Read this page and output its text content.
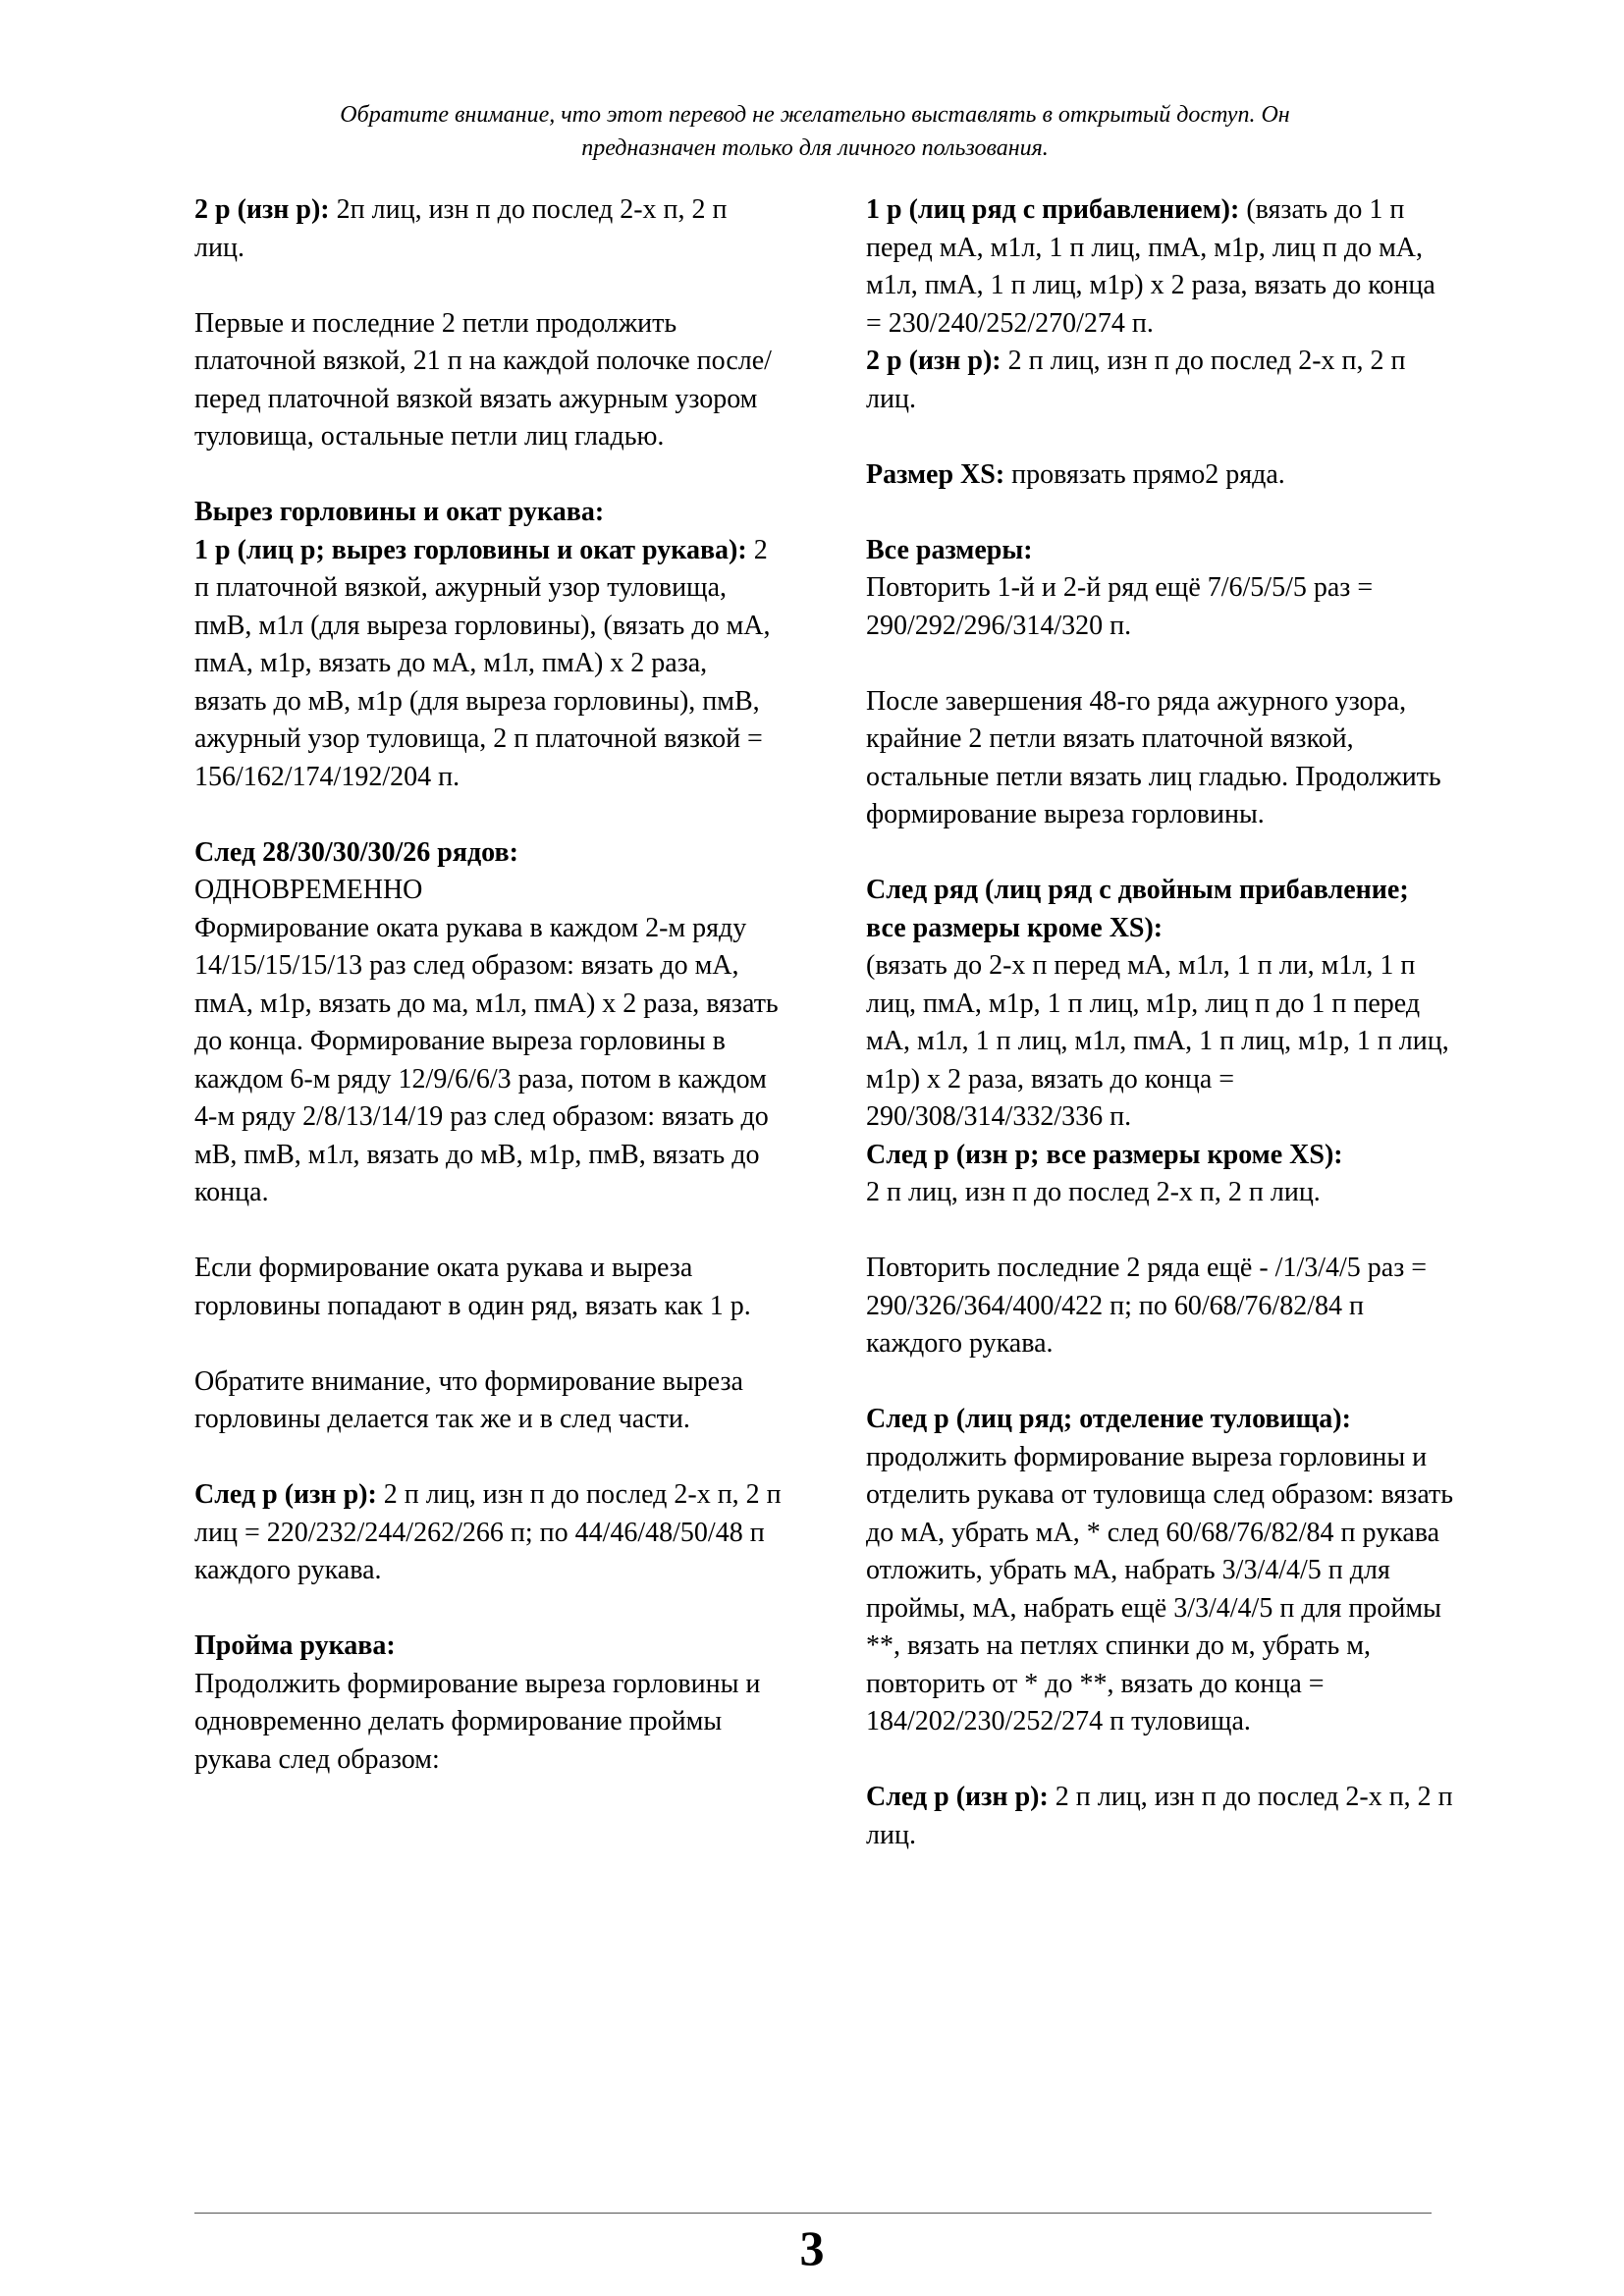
Обратите внимание, что этот перевод не желательно выставлять в открытый доступ. Он
предназначен только для личного пользования.

2 р (изн р): 2п лиц, изн п до послед 2-х п, 2 п лиц.

Первые и последние 2 петли продолжить платочной вязкой, 21 п на каждой полочке после/перед платочной вязкой вязать ажурным узором туловища, остальные петли лиц гладью.

Вырез горловины и окат рукава:

1 р (лиц р; вырез горловины и окат рукава): 2 п платочной вязкой, ажурный узор туловища, пмВ, м1л (для выреза горловины), (вязать до мА, пмА, м1р, вязать до мА, м1л, пмА) x 2 раза, вязать до мВ, м1р (для выреза горловины), пмВ, ажурный узор туловища, 2 п платочной вязкой = 156/162/174/192/204 п.

След 28/30/30/30/26 рядов:

ОДНОВРЕМЕННО

Формирование оката рукава в каждом 2-м ряду 14/15/15/15/13 раз след образом: вязать до мА, пмА, м1р, вязать до ма, м1л, пмА) x 2 раза, вязать до конца. Формирование выреза горловины в каждом 6-м ряду 12/9/6/6/3 раза, потом в каждом 4-м ряду 2/8/13/14/19 раз след образом: вязать до мВ, пмВ, м1л, вязать до мВ, м1р, пмВ, вязать до конца.

Если формирование оката рукава и выреза горловины попадают в один ряд, вязать как 1 р.

Обратите внимание, что формирование выреза горловины делается так же и в след части.

След р (изн р): 2 п лиц, изн п до послед 2-х п, 2 п лиц = 220/232/244/262/266 п; по 44/46/48/50/48 п каждого рукава.

Пройма рукава:

Продолжить формирование выреза горловины и одновременно делать формирование проймы рукава след образом:

1 р (лиц ряд с прибавлением): (вязать до 1 п перед мА, м1л, 1 п лиц, пмА, м1р, лиц п до мА, м1л, пмА, 1 п лиц, м1р) x 2 раза, вязать до конца = 230/240/252/270/274 п.

2 р (изн р): 2 п лиц, изн п до послед 2-х п, 2 п лиц.

Размер XS: провязать прямо2 ряда.

Все размеры:

Повторить 1-й и 2-й ряд ещё 7/6/5/5/5 раз = 290/292/296/314/320 п.

После завершения 48-го ряда ажурного узора, крайние 2 петли вязать платочной вязкой, остальные петли вязать лиц гладью. Продолжить формирование выреза горловины.

След ряд (лиц ряд с двойным прибавление; все размеры кроме XS):

(вязать до 2-х п перед мА, м1л, 1 п ли, м1л, 1 п лиц, пмА, м1р, 1 п лиц, м1р, лиц п до 1 п перед мА, м1л, 1 п лиц, м1л, пмА, 1 п лиц, м1р, 1 п лиц, м1р) x 2 раза, вязать до конца = 290/308/314/332/336 п.

След р (изн р; все размеры кроме XS):

2 п лиц, изн п до послед 2-х п, 2 п лиц.

Повторить последние 2 ряда ещё - /1/3/4/5 раз = 290/326/364/400/422 п; по 60/68/76/82/84 п каждого рукава.

След р (лиц ряд; отделение туловища): продолжить формирование выреза горловины и отделить рукава от туловища след образом: вязать до мА, убрать мА, * след 60/68/76/82/84 п рукава отложить, убрать мА, набрать 3/3/4/4/5 п для проймы, мА, набрать ещё 3/3/4/4/5 п для проймы **, вязать на петлях спинки до м, убрать м, повторить от * до **, вязать до конца = 184/202/230/252/274 п туловища.

След р (изн р): 2 п лиц, изн п до послед 2-х п, 2 п лиц.

3
